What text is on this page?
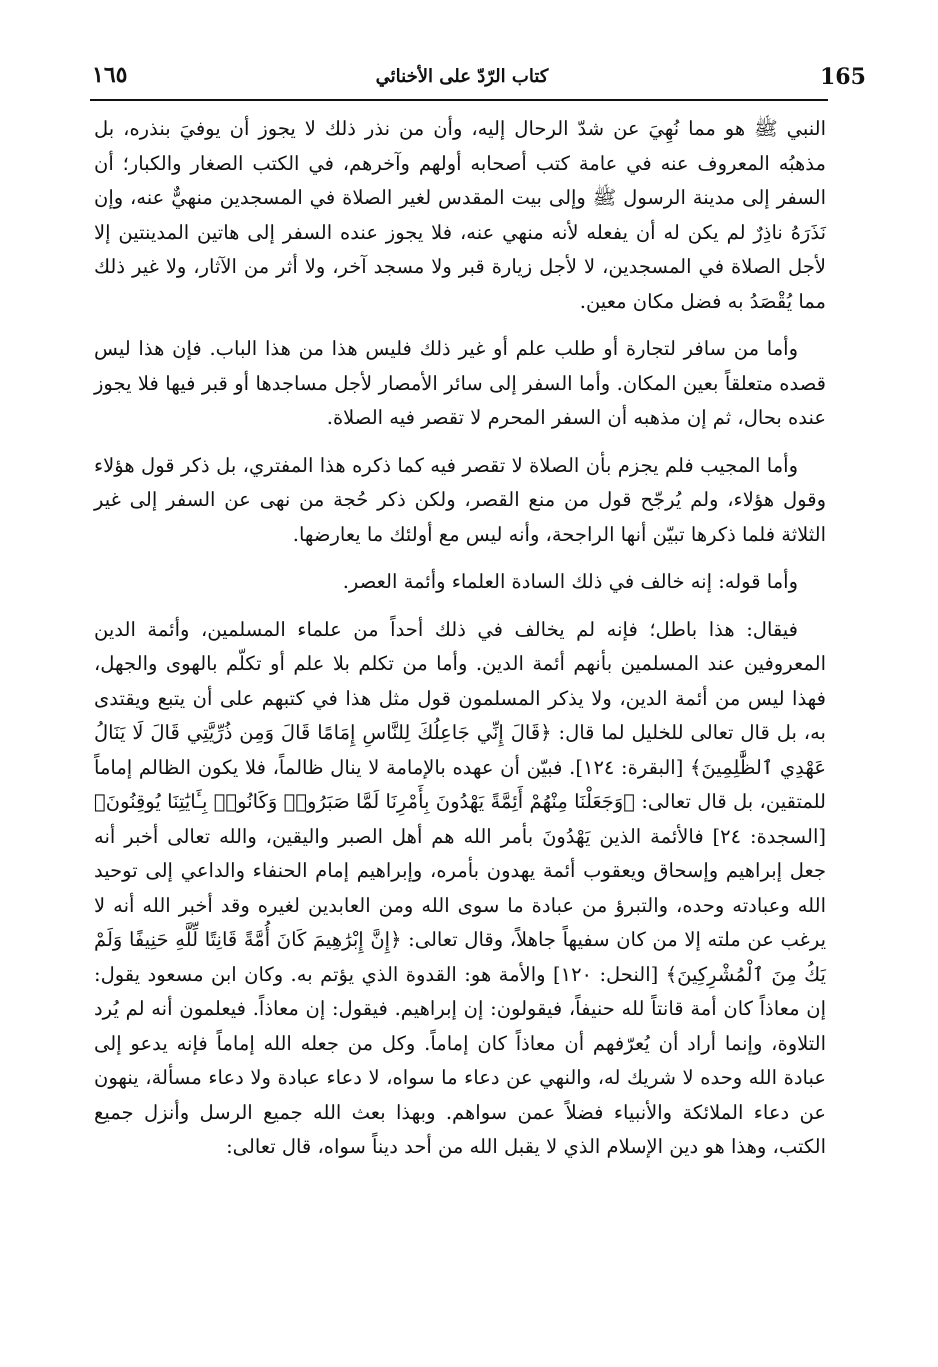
165
كتاب الرّدّ على الأخنائي
١٦٥

النبي ﷺ هو مما نُهِيَ عن شدّ الرحال إليه، وأن من نذر ذلك لا يجوز أن يوفيَ بنذره، بل مذهبُه المعروف عنه في عامة كتب أصحابه أولهم وآخرهم، في الكتب الصغار والكبار؛ أن السفر إلى مدينة الرسول ﷺ وإلى بيت المقدس لغير الصلاة في المسجدين منهيٌّ عنه، وإن نَذَرَهُ ناذِرٌ لم يكن له أن يفعله لأنه منهي عنه، فلا يجوز عنده السفر إلى هاتين المدينتين إلا لأجل الصلاة في المسجدين، لا لأجل زيارة قبر ولا مسجد آخر، ولا أثر من الآثار، ولا غير ذلك مما يُقْصَدُ به فضل مكان معين.

وأما من سافر لتجارة أو طلب علم أو غير ذلك فليس هذا من هذا الباب. فإن هذا ليس قصده متعلقاً بعين المكان. وأما السفر إلى سائر الأمصار لأجل مساجدها أو قبر فيها فلا يجوز عنده بحال، ثم إن مذهبه أن السفر المحرم لا تقصر فيه الصلاة.

وأما المجيب فلم يجزم بأن الصلاة لا تقصر فيه كما ذكره هذا المفتري، بل ذكر قول هؤلاء وقول هؤلاء، ولم يُرجّح قول من منع القصر، ولكن ذكر حُجة من نهى عن السفر إلى غير الثلاثة فلما ذكرها تبيّن أنها الراجحة، وأنه ليس مع أولئك ما يعارضها.

وأما قوله: إنه خالف في ذلك السادة العلماء وأئمة العصر.

فيقال: هذا باطل؛ فإنه لم يخالف في ذلك أحداً من علماء المسلمين، وأئمة الدين المعروفين عند المسلمين بأنهم أئمة الدين. وأما من تكلم بلا علم أو تكلّم بالهوى والجهل، فهذا ليس من أئمة الدين، ولا يذكر المسلمون قول مثل هذا في كتبهم على أن يتبع ويقتدى به، بل قال تعالى للخليل لما قال: ﴿قَالَ إِنِّي جَاعِلُكَ لِلنَّاسِ إِمَامًا قَالَ وَمِن ذُرِّيَّتِي قَالَ لَا يَنَالُ عَهْدِي ٱلظَّٰلِمِينَ﴾ [البقرة: ١٢٤]. فبيّن أن عهده بالإمامة لا ينال ظالماً، فلا يكون الظالم إماماً للمتقين، بل قال تعالى: ﴿وَجَعَلْنَا مِنْهُمْ أَئِمَّةً يَهْدُونَ بِأَمْرِنَا لَمَّا صَبَرُوا۟ وَكَانُوا۟ بِـَٔايَٰتِنَا يُوقِنُونَ﴾ [السجدة: ٢٤] فالأئمة الذين يَهْدُونَ بأمر الله هم أهل الصبر واليقين، والله تعالى أخبر أنه جعل إبراهيم وإسحاق ويعقوب أئمة يهدون بأمره، وإبراهيم إمام الحنفاء والداعي إلى توحيد الله وعبادته وحده، والتبرؤ من عبادة ما سوى الله ومن العابدين لغيره وقد أخبر الله أنه لا يرغب عن ملته إلا من كان سفيهاً جاهلاً، وقال تعالى: ﴿إِنَّ إِبْرَٰهِيمَ كَانَ أُمَّةً قَانِتًا لِّلَّهِ حَنِيفًا وَلَمْ يَكُ مِنَ ٱلْمُشْرِكِينَ﴾ [النحل: ١٢٠] والأمة هو: القدوة الذي يؤتم به. وكان ابن مسعود يقول: إن معاذاً كان أمة قانتاً لله حنيفاً، فيقولون: إن إبراهيم. فيقول: إن معاذاً. فيعلمون أنه لم يُرد التلاوة، وإنما أراد أن يُعرّفهم أن معاذاً كان إماماً. وكل من جعله الله إماماً فإنه يدعو إلى عبادة الله وحده لا شريك له، والنهي عن دعاء ما سواه، لا دعاء عبادة ولا دعاء مسألة، ينهون عن دعاء الملائكة والأنبياء فضلاً عمن سواهم. وبهذا بعث الله جميع الرسل وأنزل جميع الكتب، وهذا هو دين الإسلام الذي لا يقبل الله من أحد ديناً سواه، قال تعالى:
